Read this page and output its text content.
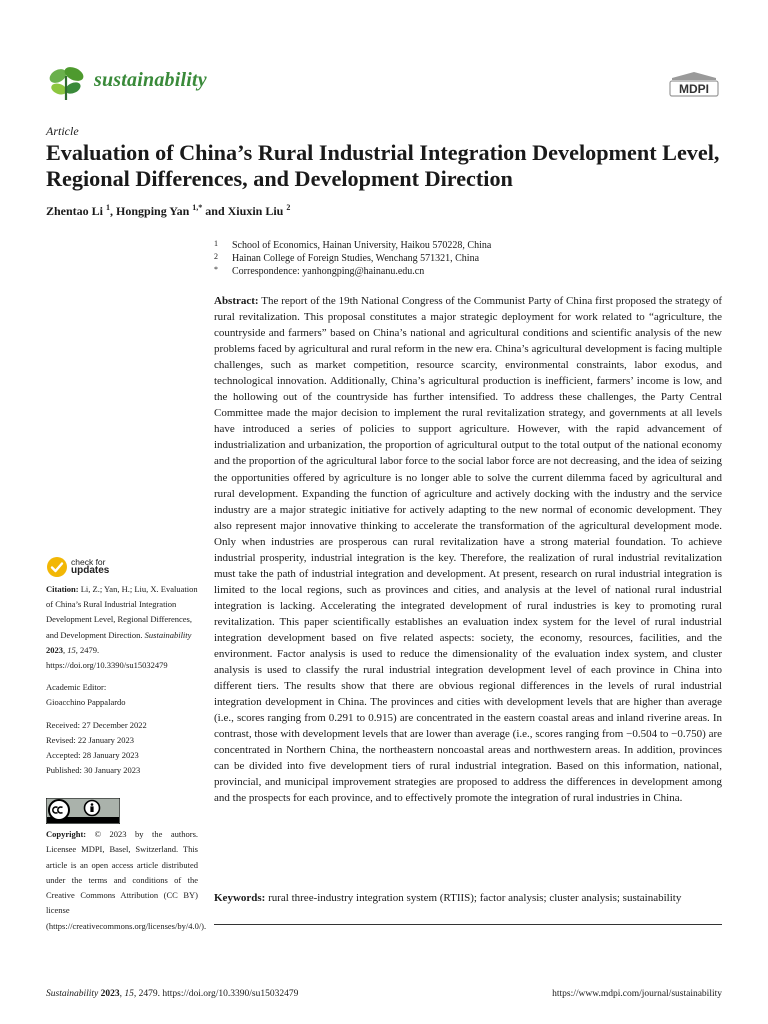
sustainability	MDPI
Article
Evaluation of China’s Rural Industrial Integration Development Level, Regional Differences, and Development Direction
Zhentao Li $^1$, Hongping Yan $^{1,*}$ and Xiuxin Liu $^2$
1	School of Economics, Hainan University, Haikou 570228, China
2	Hainan College of Foreign Studies, Wenchang 571321, China
*	Correspondence: yanhongping@hainanu.edu.cn

Abstract: The report of the 19th National Congress of the Communist Party of China first proposed the strategy of rural revitalization. This proposal constitutes a major strategic deployment for work related to “agriculture, the countryside and farmers” based on China’s national and agricultural conditions and scientific analysis of the new problems faced by agricultural and rural reform in the new era. China’s agricultural development is facing multiple challenges, such as market competition, resource scarcity, environmental constraints, labor exodus, and technological innovation. Additionally, China’s agricultural production is inefficient, farmers’ income is low, and the hollowing out of the countryside has further intensified. To address these challenges, the Party Central Committee made the major decision to implement the rural revitalization strategy, and governments at all levels have introduced a series of policies to support agriculture. However, with the rapid advancement of industrialization and urbanization, the proportion of agricultural output to the total output of the national economy and the proportion of the agricultural labor force to the social labor force are not decreasing, and the idea of seizing the opportunities offered by agriculture is no longer able to solve the current dilemma faced by agricultural and rural development. Expanding the function of agriculture and actively docking with the industry and the service industry are a major strategic initiative for actively adapting to the new normal of economic development. They also represent major innovative thinking to accelerate the transformation of the agricultural development mode. Only when industries are prosperous can rural revitalization have a strong material foundation. To achieve industrial prosperity, industrial integration is the key. Therefore, the realization of rural industrial revitalization must take the path of industrial integration and development. At present, research on rural industrial integration is limited to the local regions, such as provinces and cities, and analysis at the level of national rural industrial integration is lacking. Accelerating the integrated development of rural industries is key to promoting rural revitalization. This paper scientifically establishes an evaluation index system for the level of rural industrial integration development based on five related aspects: society, the economy, resources, facilities, and the environment. Factor analysis is used to reduce the dimensionality of the evaluation index system, and cluster analysis is used to classify the rural industrial integration development level of each province in China into different tiers. The results show that there are obvious regional differences in the levels of rural industrial integration development in China. The provinces and cities with development levels that are higher than average (i.e., scores ranging from 0.291 to 0.915) are concentrated in the eastern coastal areas and inland riverine areas. In contrast, those with development levels that are lower than average (i.e., scores ranging from −0.504 to −0.750) are concentrated in Northern China, the northeastern noncoastal areas and northwestern areas. In addition, provinces can be divided into five development tiers of rural industrial integration. Based on this information, national, provincial, and municipal improvement strategies are proposed to address the differences in development among and the prospects for each province, and to effectively promote the integration of rural industries in China.

Keywords: rural three-industry integration system (RTIIS); factor analysis; cluster analysis; sustainability

check for
updates
Citation: Li, Z.; Yan, H.; Liu, X. Evaluation of China’s Rural Industrial Integration Development Level, Regional Differences, and Development Direction. Sustainability 2023, 15, 2479. https://doi.org/10.3390/su15032479
Academic Editor:
Gioacchino Pappalardo
Received: 27 December 2022
Revised: 22 January 2023
Accepted: 28 January 2023
Published: 30 January 2023
Copyright: © 2023 by the authors. Licensee MDPI, Basel, Switzerland. This article is an open access article distributed under the terms and conditions of the Creative Commons Attribution (CC BY) license (https://creativecommons.org/licenses/by/4.0/).
Sustainability 2023, 15, 2479. https://doi.org/10.3390/su15032479	https://www.mdpi.com/journal/sustainability
